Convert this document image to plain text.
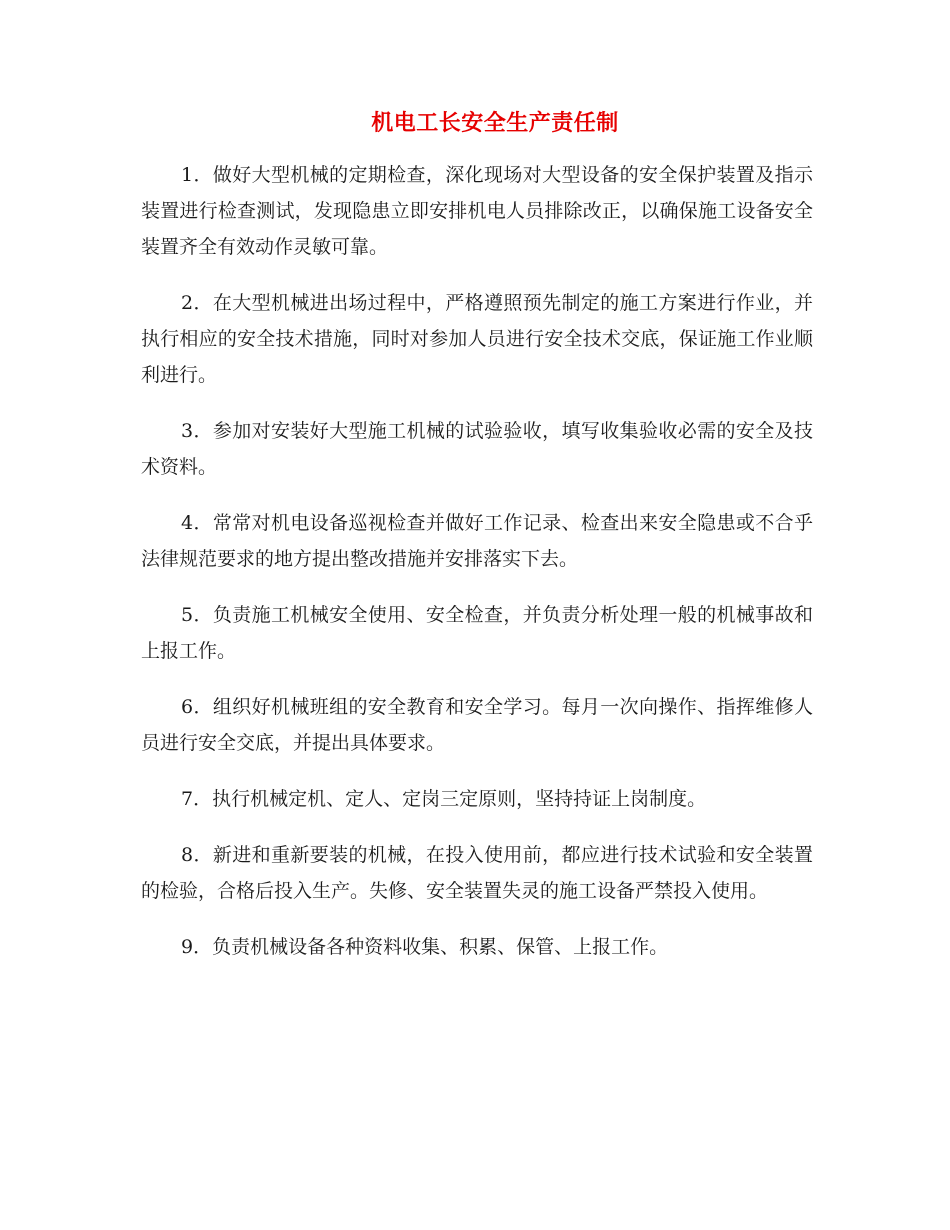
机电工长安全生产责任制

1．做好大型机械的定期检查，深化现场对大型设备的安全保护装置及指示装置进行检查测试，发现隐患立即安排机电人员排除改正，以确保施工设备安全装置齐全有效动作灵敏可靠。

2．在大型机械进出场过程中，严格遵照预先制定的施工方案进行作业，并执行相应的安全技术措施，同时对参加人员进行安全技术交底，保证施工作业顺利进行。

3．参加对安装好大型施工机械的试验验收，填写收集验收必需的安全及技术资料。

4．常常对机电设备巡视检查并做好工作记录、检查出来安全隐患或不合乎法律规范要求的地方提出整改措施并安排落实下去。

5．负责施工机械安全使用、安全检查，并负责分析处理一般的机械事故和上报工作。

6．组织好机械班组的安全教育和安全学习。每月一次向操作、指挥维修人员进行安全交底，并提出具体要求。

7．执行机械定机、定人、定岗三定原则，坚持持证上岗制度。

8．新进和重新要装的机械，在投入使用前，都应进行技术试验和安全装置的检验，合格后投入生产。失修、安全装置失灵的施工设备严禁投入使用。

9．负责机械设备各种资料收集、积累、保管、上报工作。
